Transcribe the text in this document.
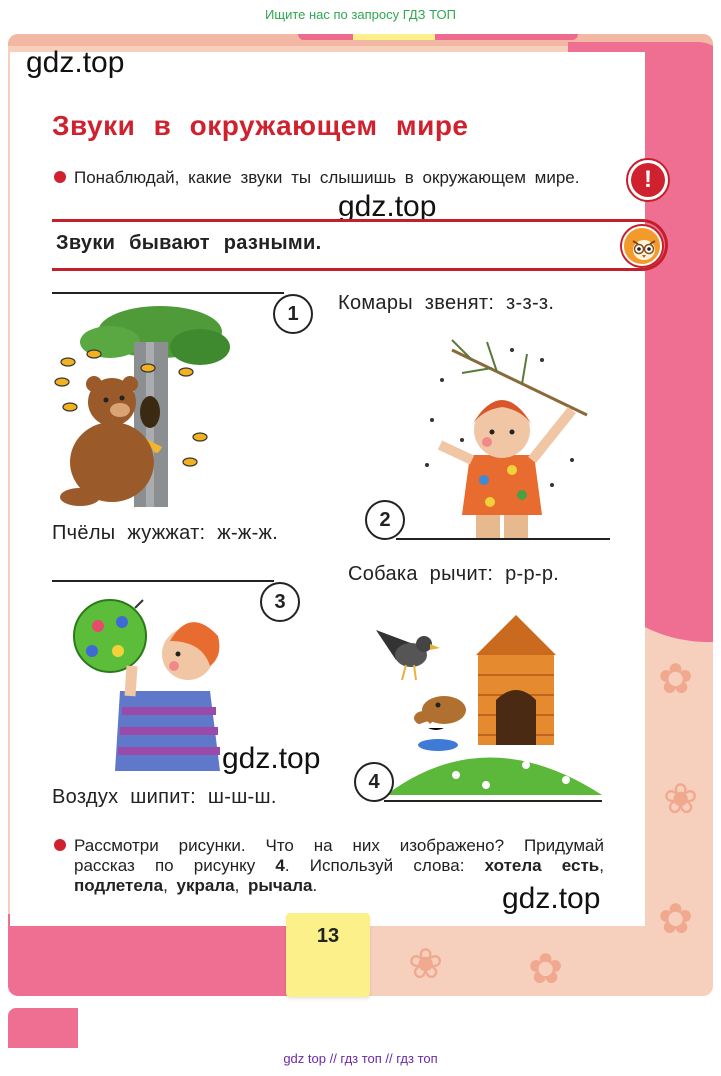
Ищите нас по запросу ГДЗ ТОП
✿
❀
✿
❀ ✿
gdz.top
Звуки в окружающем мире
Понаблюдай, какие звуки ты слышишь в окружающем мире.	!
gdz.top
Звуки бывают разными.
1
Пчёлы жужжат: ж-ж-ж.
Комары звенят: з-з-з.
2
3
gdz.top
Воздух шипит: ш-ш-ш.
Собака рычит: р-р-р.
4
Рассмотри рисунки. Что на них изображено? Придумай рассказ по рисунку 4. Используй слова: хотела есть, подлетела, украла, рычала.	gdz.top
13
gdz top // гдз топ // гдз топ
